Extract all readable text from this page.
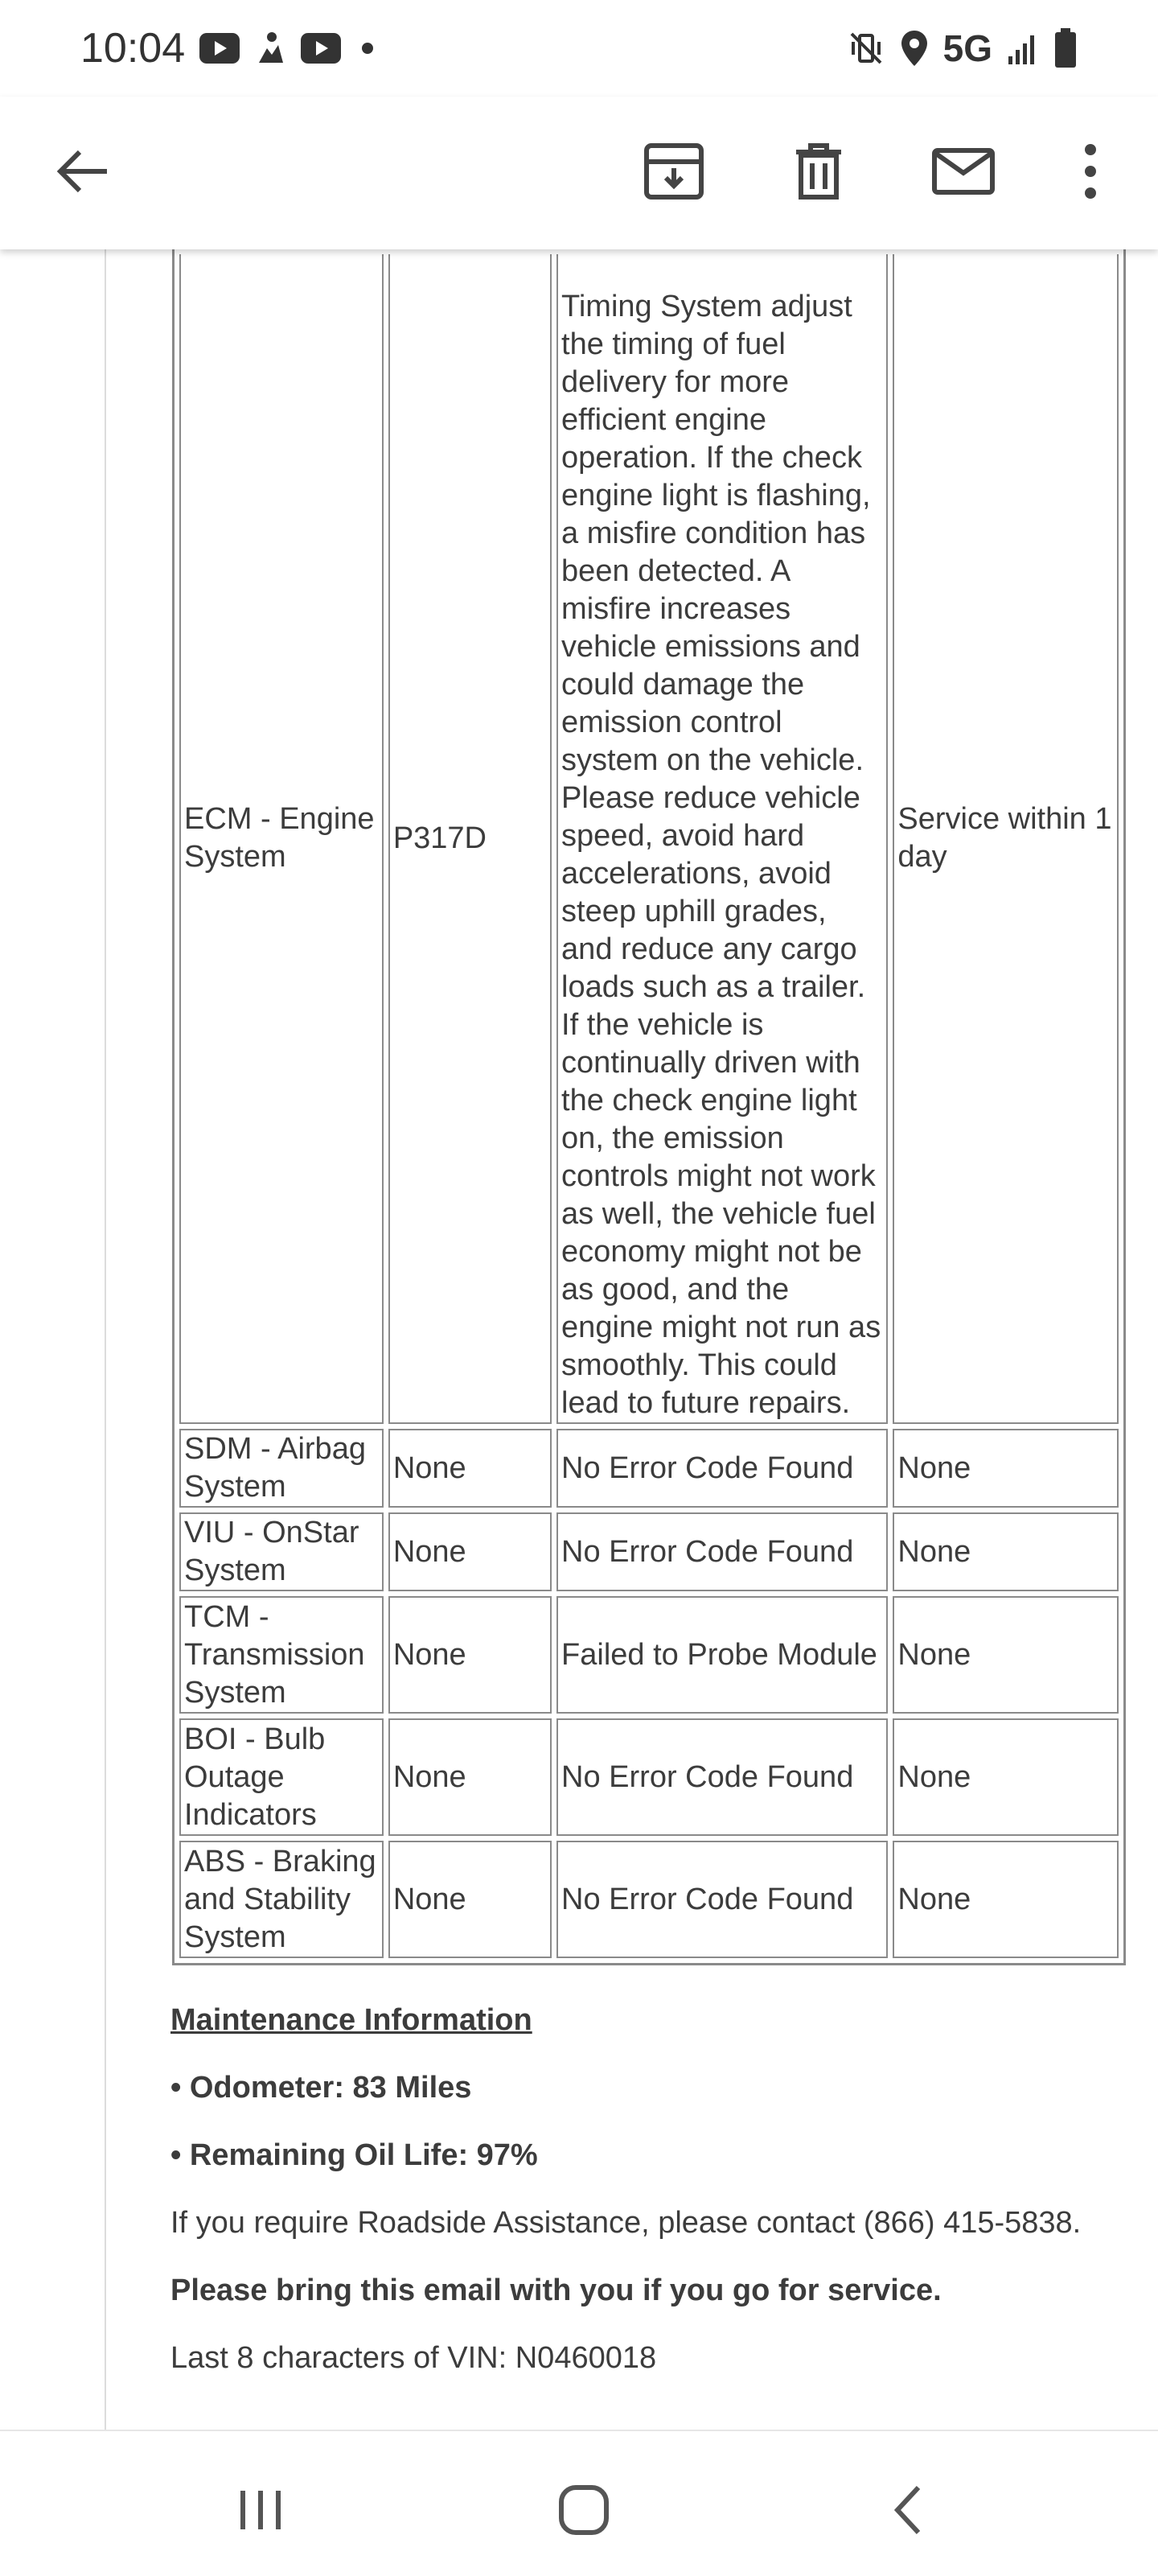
10:04	5G
ECM - Engine System	P317D	Timing System adjust the timing of fuel delivery for more efficient engine operation. If the check engine light is flashing, a misfire condition has been detected. A misfire increases vehicle emissions and could damage the emission control system on the vehicle. Please reduce vehicle speed, avoid hard accelerations, avoid steep uphill grades, and reduce any cargo loads such as a trailer. If the vehicle is continually driven with the check engine light on, the emission controls might not work as well, the vehicle fuel economy might not be as good, and the engine might not run as smoothly. This could lead to future repairs.	Service within 1 day
SDM - Airbag System	None	No Error Code Found	None
VIU - OnStar System	None	No Error Code Found	None
TCM - Transmission System	None	Failed to Probe Module	None
BOI - Bulb Outage Indicators	None	No Error Code Found	None
ABS - Braking and Stability System	None	No Error Code Found	None

Maintenance Information

• Odometer: 83 Miles

• Remaining Oil Life: 97%

If you require Roadside Assistance, please contact (866) 415-5838.

Please bring this email with you if you go for service.

Last 8 characters of VIN: N0460018
